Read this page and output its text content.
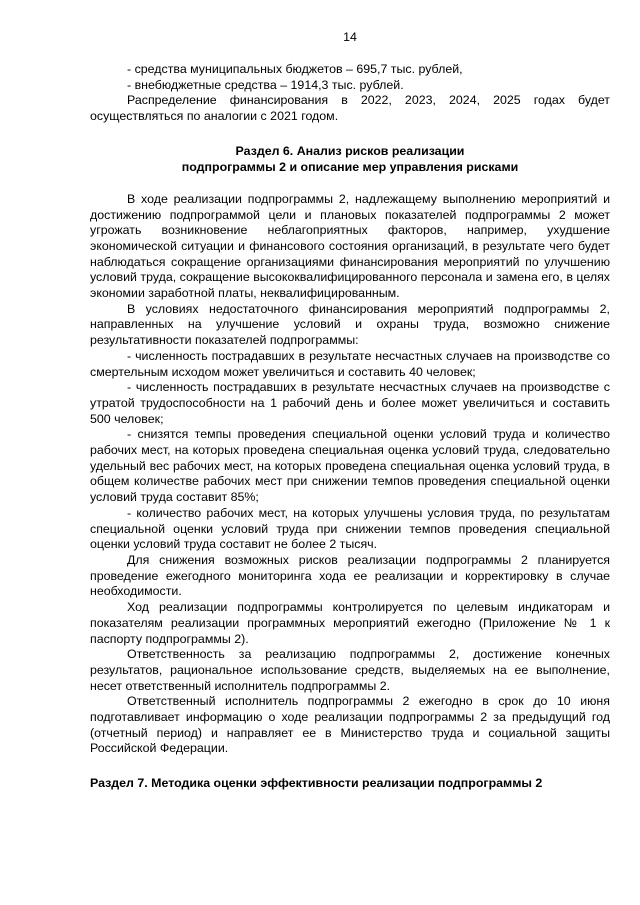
14

- средства муниципальных бюджетов – 695,7 тыс. рублей,

- внебюджетные средства – 1914,3 тыс. рублей.

Распределение финансирования в 2022, 2023, 2024, 2025 годах будет осуществляться по аналогии с 2021 годом.

Раздел 6. Анализ рисков реализации
подпрограммы 2 и описание мер управления рисками

В ходе реализации подпрограммы 2, надлежащему выполнению мероприятий и достижению подпрограммой цели и плановых показателей подпрограммы 2 может угрожать возникновение неблагоприятных факторов, например, ухудшение экономической ситуации и финансового состояния организаций, в результате чего будет наблюдаться сокращение организациями финансирования мероприятий по улучшению условий труда, сокращение высококвалифицированного персонала и замена его, в целях экономии заработной платы, неквалифицированным.

В условиях недостаточного финансирования мероприятий подпрограммы 2, направленных на улучшение условий и охраны труда, возможно снижение результативности показателей подпрограммы:

- численность пострадавших в результате несчастных случаев на производстве со смертельным исходом может увеличиться и составить 40 человек;

- численность пострадавших в результате несчастных случаев на производстве с утратой трудоспособности на 1 рабочий день и более может увеличиться и составить 500 человек;

- снизятся темпы проведения специальной оценки условий труда и количество рабочих мест, на которых проведена специальная оценка условий труда, следовательно удельный вес рабочих мест, на которых проведена специальная оценка условий труда, в общем количестве рабочих мест при снижении темпов проведения специальной оценки условий труда составит 85%;

- количество рабочих мест, на которых улучшены условия труда, по результатам специальной оценки условий труда при снижении темпов проведения специальной оценки условий труда составит не более 2 тысяч.

Для снижения возможных рисков реализации подпрограммы 2 планируется проведение ежегодного мониторинга хода ее реализации и корректировку в случае необходимости.

Ход реализации подпрограммы контролируется по целевым индикаторам и показателям реализации программных мероприятий ежегодно (Приложение № 1 к паспорту подпрограммы 2).

Ответственность за реализацию подпрограммы 2, достижение конечных результатов, рациональное использование средств, выделяемых на ее выполнение, несет ответственный исполнитель подпрограммы 2.

Ответственный исполнитель подпрограммы 2 ежегодно в срок до 10 июня подготавливает информацию о ходе реализации подпрограммы 2 за предыдущий год (отчетный период) и направляет ее в Министерство труда и социальной защиты Российской Федерации.

Раздел 7. Методика оценки эффективности реализации подпрограммы 2
